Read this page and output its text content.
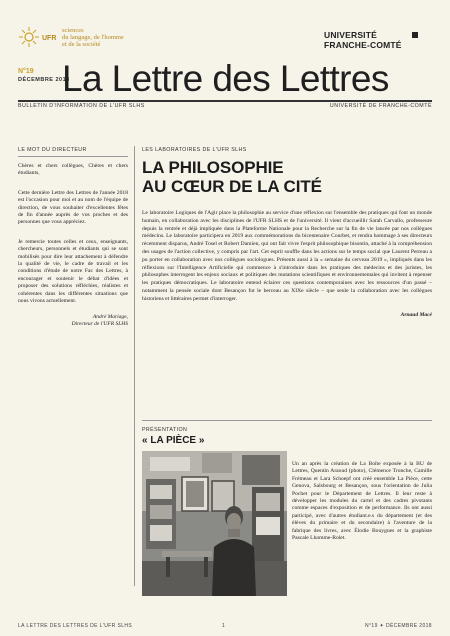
UFR
sciences
du langage, de l'homme
et de la société
UNIVERSITÉ
FRANCHE-COMTÉ
N°19
DÉCEMBRE 2018
La Lettre des Lettres
BULLETIN D'INFORMATION DE L'UFR SLHS	UNIVERSITÉ DE FRANCHE-COMTÉ
LE MOT DU DIRECTEUR

Chères et chers collègues, Chères et chers étudiants,

Cette dernière Lettre des Lettres de l'année 2018 est l'occasion pour moi et au nom de l'équipe de direction, de vous souhaiter d'excellentes fêtes de fin d'année auprès de vos proches et des personnes que vous appréciez.

Je remercie toutes celles et ceux, enseignants, chercheurs, personnels et étudiants qui se sont mobilisés pour dire leur attachement à défendre la qualité de vie, le cadre de travail et les conditions d'étude de notre Fac des Lettres, à encourager et soutenir le débat d'idées et proposer des solutions réfléchies, réalistes et cohérentes dans les différentes situations que nous vivons actuellement.

André Mariage,

Directeur de l'UFR SLHS

LES LABORATOIRES DE L'UFR SLHS
LA PHILOSOPHIE
AU CŒUR DE LA CITÉ

Le laboratoire Logiques de l'Agir place la philosophie au service d'une réflexion sur l'ensemble des pratiques qui font un monde humain, en collaboration avec les disciplines de l'UFR SLHS et de l'université. Il vient d'accueillir Sarah Carvallo, professeure depuis la rentrée et déjà impliquée dans la Plateforme Nationale pour la Recherche sur la fin de vie lancée par nos collègues médecins. Le laboratoire participera en 2019 aux commémorations du bicentenaire Courbet, et rendra hommage à ses directeurs récemment disparus, André Tosel et Robert Damien, qui ont fait vivre l'esprit philosophique bisontin, attaché à la compréhension des usages de l'action collective, y compris par l'art. Cet esprit souffle dans les actions sur le temps social que Laurent Perreau a pu porter en collaboration avec nos collègues sociologues. Présents aussi à la « semaine du cerveau 2019 », impliqués dans les réflexions sur l'Intelligence Artificielle qui commence à s'introduire dans les pratiques des médecins et des juristes, les philosophes interrogent les enjeux sociaux et politiques des mutations scientifiques et environnementales qui invitent à repenser les pratiques démocratiques. Le laboratoire entend éclairer ces questions contemporaines avec les ressources d'un passé – notamment la pensée sociale dont Besançon fut le berceau au XIXe siècle – que seule la collaboration avec les collègues historiens et littéraires permet d'interroger.

Arnaud Macé

PRÉSENTATION
« LA PIÈCE »
Un an après la création de La Boîte exposée à la BU de Lettres, Quentin Araoud (photo), Clémence Tronche, Camille Frémeau et Lara Schoepf ont créé ensemble La Pièce, cette Genova, Salsbourg et Besançon, sous l'orientation de Julia Pochet pour le Département de Lettres. Il leur reste à développer les modules du cartel et des cadres pivotants comme espaces d'exposition et de performance. Ils ont aussi participé, avec d'autres étudiant.e.s du département (et des élèves du primaire et du secondaire) à l'aventure de la fabrique des livres, avec Élodie Bouygues et la graphiste Pascale Lhomme-Rolet.
LA LETTRE DES LETTRES DE L'UFR SLHS	1	N°19 ✦ DÉCEMBRE 2018
